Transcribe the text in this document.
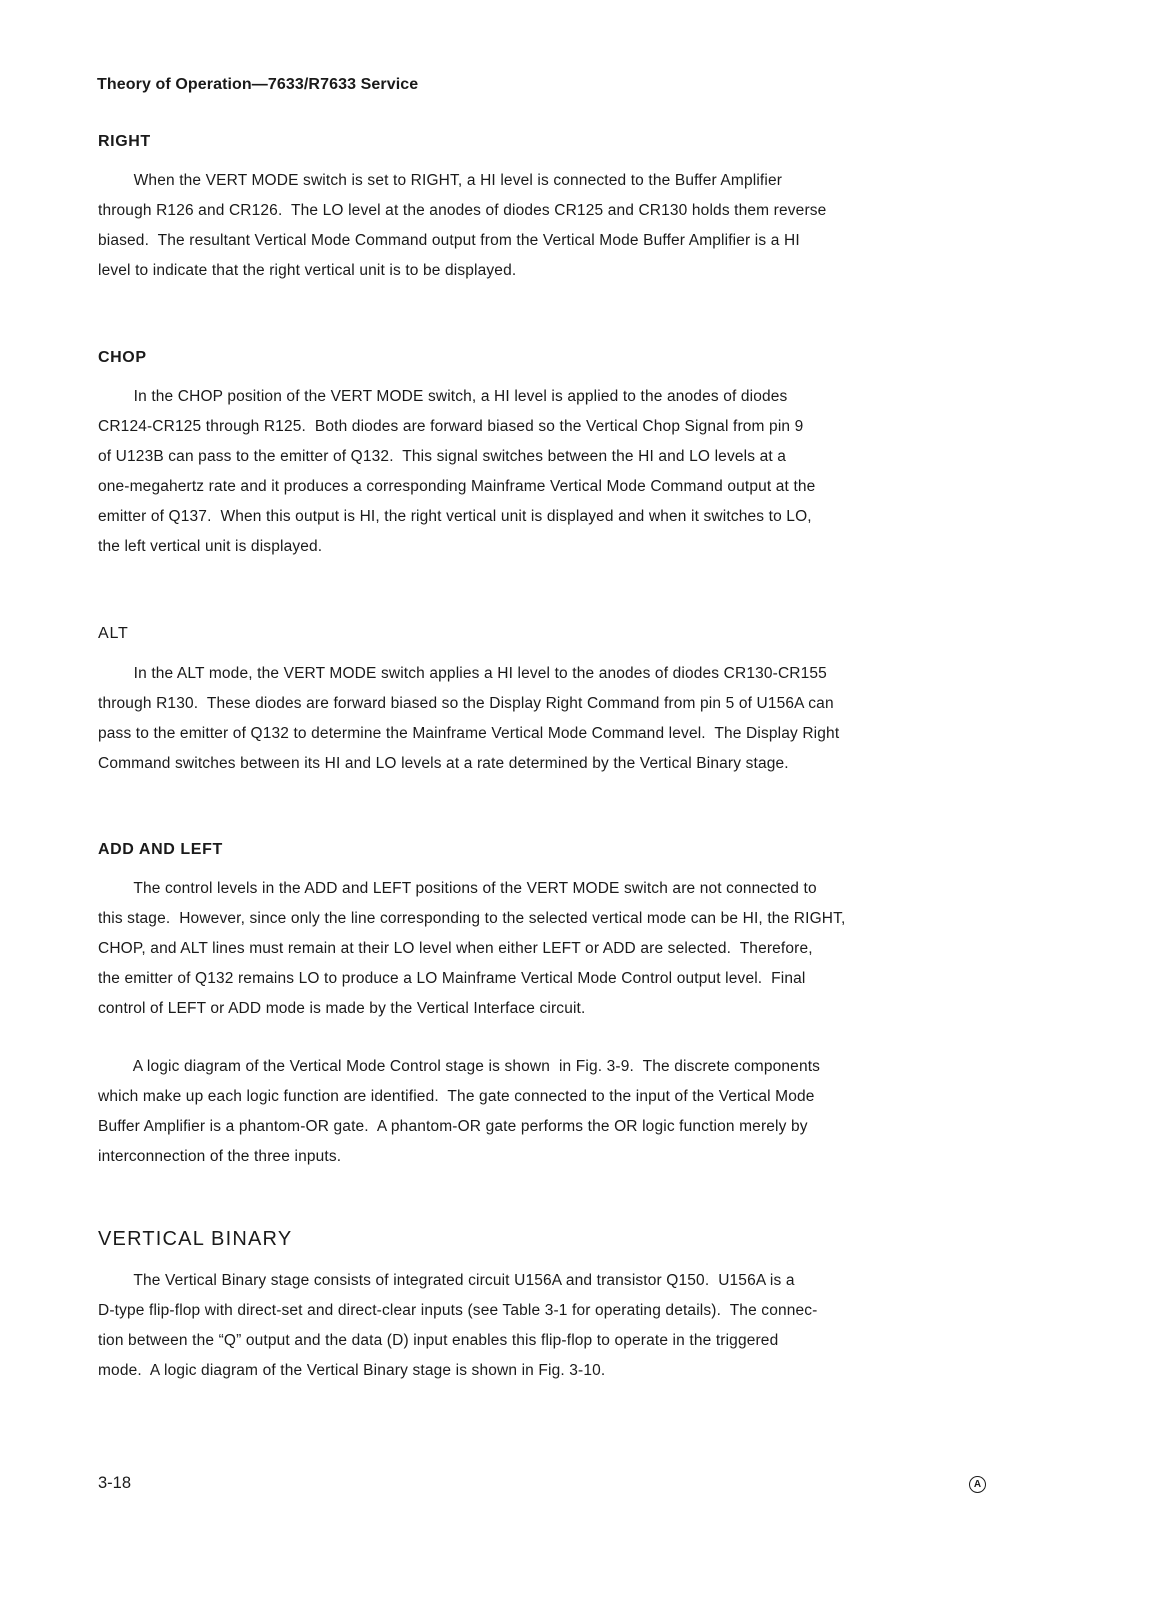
Theory of Operation—7633/R7633 Service
RIGHT
When the VERT MODE switch is set to RIGHT, a HI level is connected to the Buffer Amplifier
through R126 and CR126.  The LO level at the anodes of diodes CR125 and CR130 holds them reverse
biased.  The resultant Vertical Mode Command output from the Vertical Mode Buffer Amplifier is a HI
level to indicate that the right vertical unit is to be displayed.
CHOP
In the CHOP position of the VERT MODE switch, a HI level is applied to the anodes of diodes
CR124-CR125 through R125.  Both diodes are forward biased so the Vertical Chop Signal from pin 9
of U123B can pass to the emitter of Q132.  This signal switches between the HI and LO levels at a
one-megahertz rate and it produces a corresponding Mainframe Vertical Mode Command output at the
emitter of Q137.  When this output is HI, the right vertical unit is displayed and when it switches to LO,
the left vertical unit is displayed.
ALT
In the ALT mode, the VERT MODE switch applies a HI level to the anodes of diodes CR130-CR155
through R130.  These diodes are forward biased so the Display Right Command from pin 5 of U156A can
pass to the emitter of Q132 to determine the Mainframe Vertical Mode Command level.  The Display Right
Command switches between its HI and LO levels at a rate determined by the Vertical Binary stage.
ADD AND LEFT
The control levels in the ADD and LEFT positions of the VERT MODE switch are not connected to
this stage.  However, since only the line corresponding to the selected vertical mode can be HI, the RIGHT,
CHOP, and ALT lines must remain at their LO level when either LEFT or ADD are selected.  Therefore,
the emitter of Q132 remains LO to produce a LO Mainframe Vertical Mode Control output level.  Final
control of LEFT or ADD mode is made by the Vertical Interface circuit.
A logic diagram of the Vertical Mode Control stage is shown  in Fig. 3-9.  The discrete components
which make up each logic function are identified.  The gate connected to the input of the Vertical Mode
Buffer Amplifier is a phantom-OR gate.  A phantom-OR gate performs the OR logic function merely by
interconnection of the three inputs.
VERTICAL BINARY
The Vertical Binary stage consists of integrated circuit U156A and transistor Q150.  U156A is a
D-type flip-flop with direct-set and direct-clear inputs (see Table 3-1 for operating details).  The connec-
tion between the “Q” output and the data (D) input enables this flip-flop to operate in the triggered
mode.  A logic diagram of the Vertical Binary stage is shown in Fig. 3-10.
3-18	A
